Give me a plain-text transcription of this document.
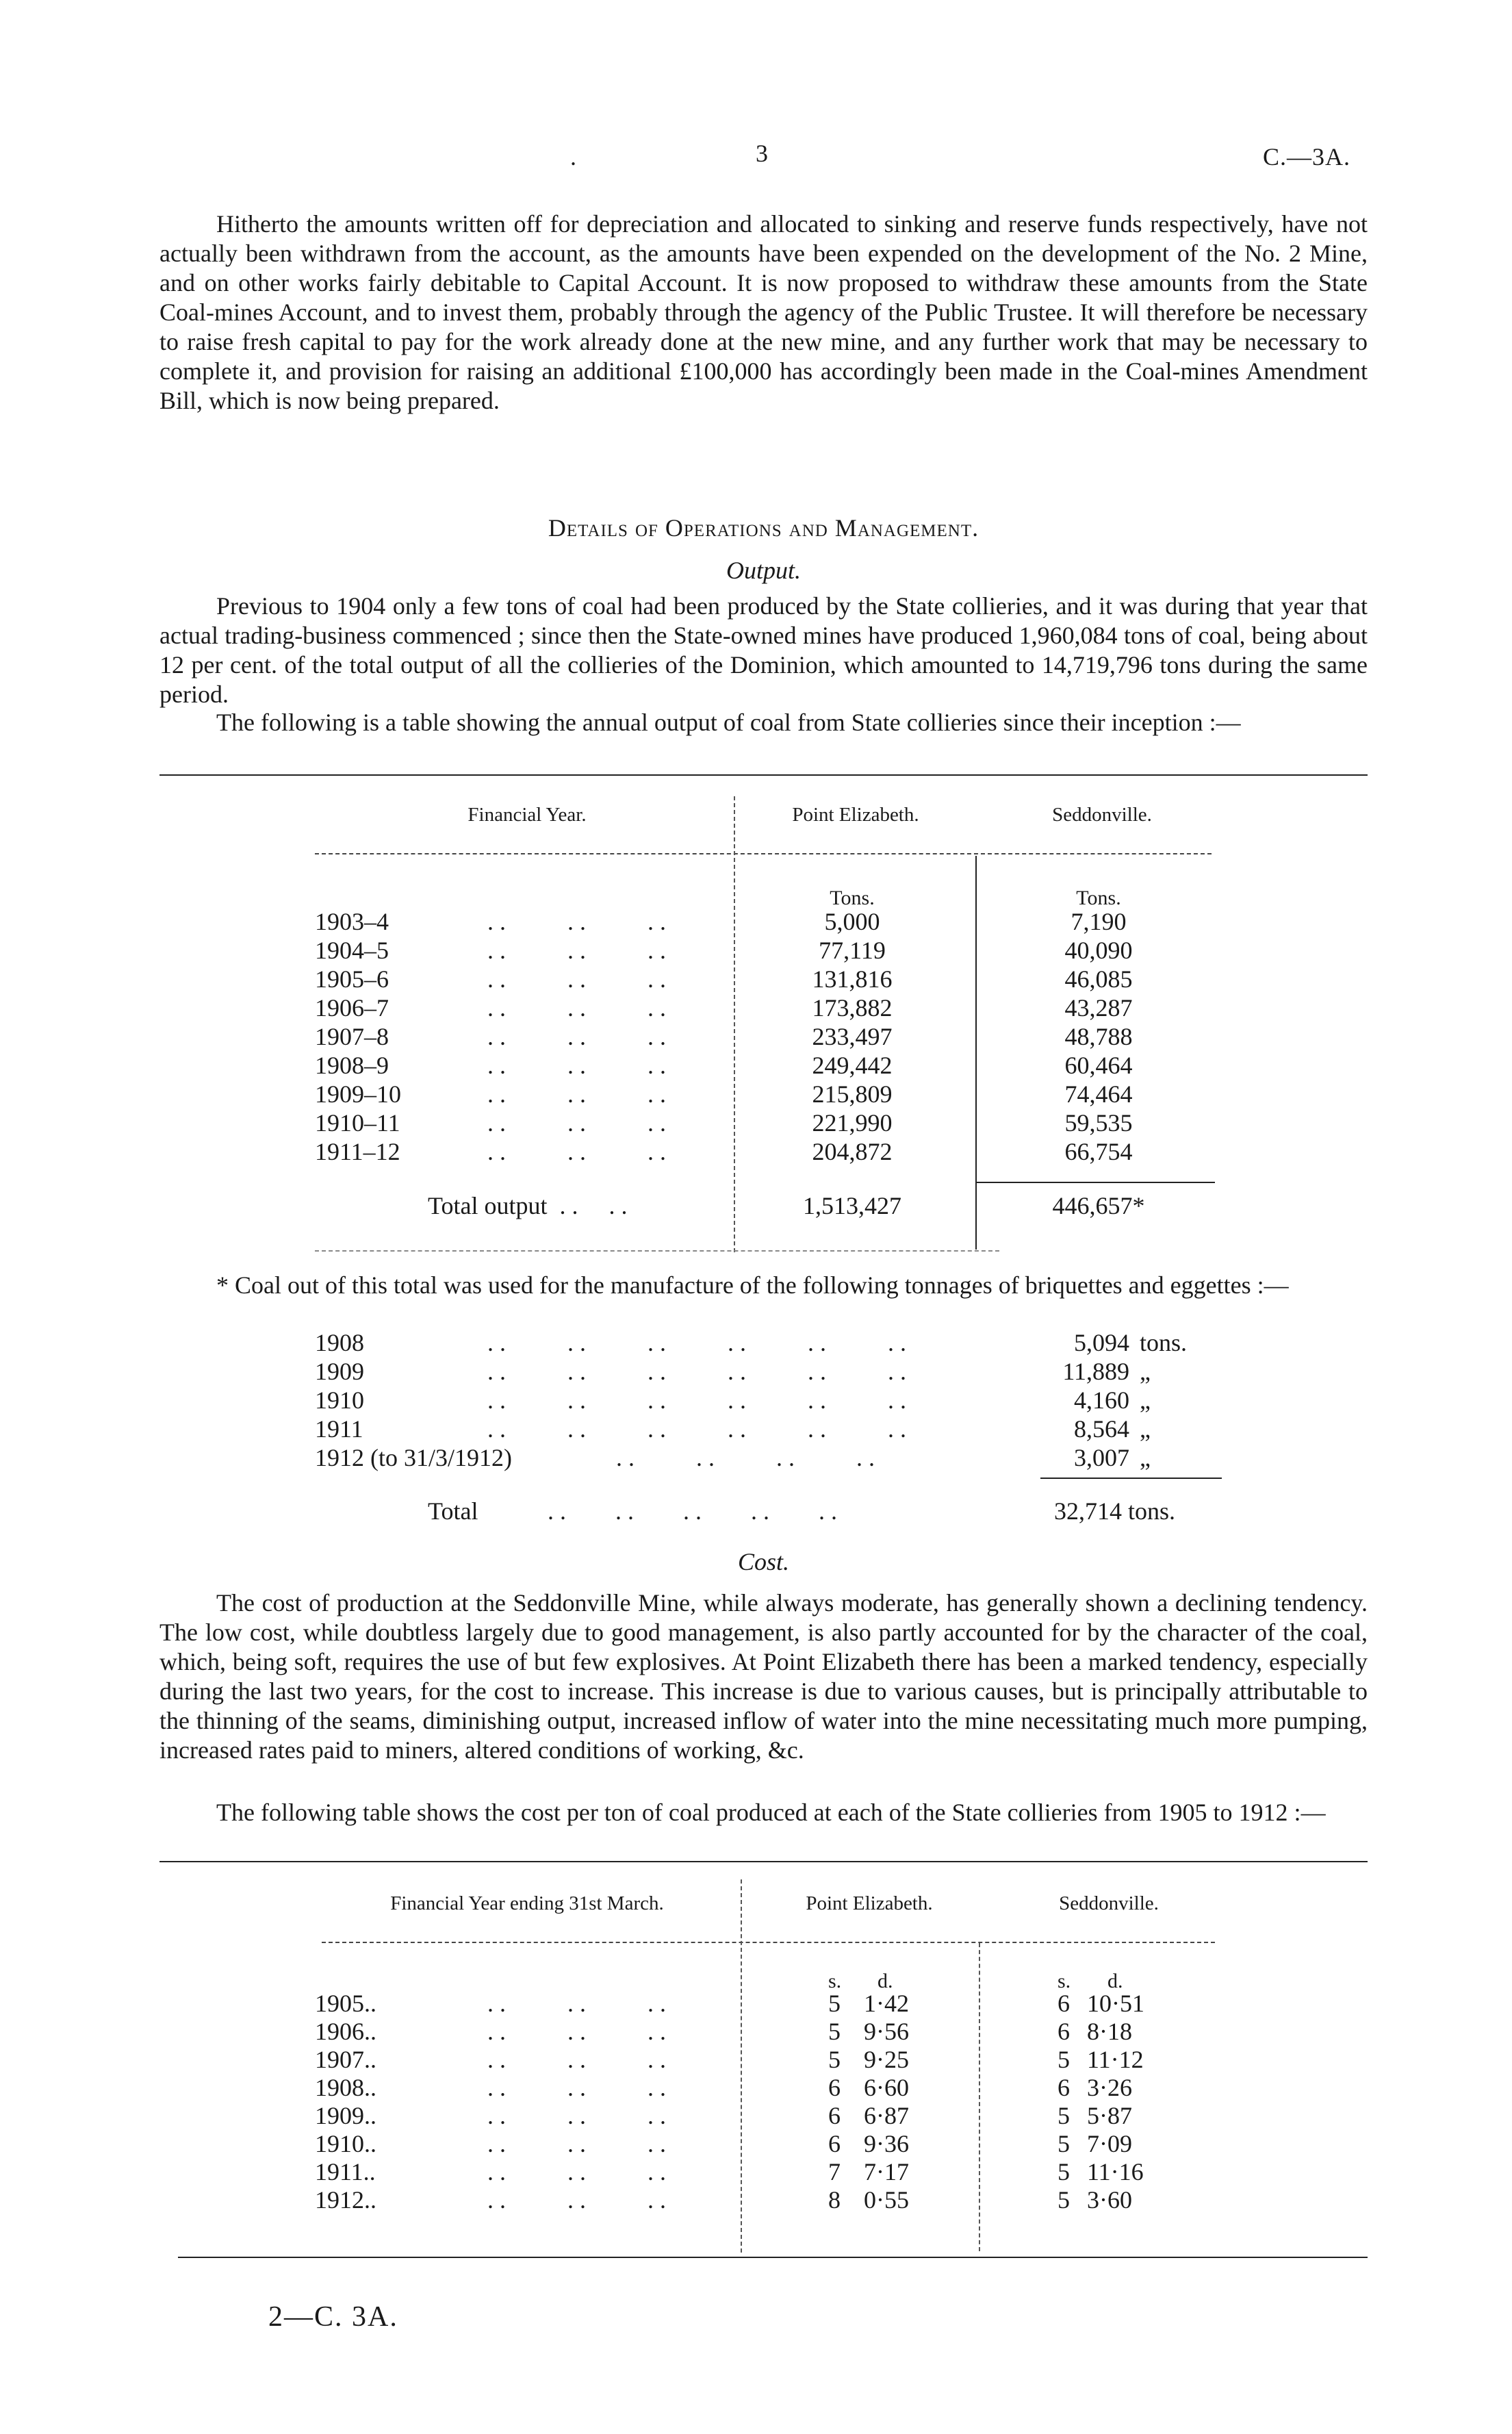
.	3	C.—3A.
Hitherto the amounts written off for depreciation and allocated to sinking and reserve funds respectively, have not actually been withdrawn from the account, as the amounts have been expended on the development of the No. 2 Mine, and on other works fairly debitable to Capital Account. It is now proposed to withdraw these amounts from the State Coal-mines Account, and to invest them, probably through the agency of the Public Trustee. It will therefore be necessary to raise fresh capital to pay for the work already done at the new mine, and any further work that may be necessary to complete it, and provision for raising an additional £100,000 has accordingly been made in the Coal-mines Amendment Bill, which is now being prepared.
Details of Operations and Management.
Output.
Previous to 1904 only a few tons of coal had been produced by the State collieries, and it was during that year that actual trading-business commenced ; since then the State-owned mines have produced 1,960,084 tons of coal, being about 12 per cent. of the total output of all the collieries of the Dominion, which amounted to 14,719,796 tons during the same period.
The following is a table showing the annual output of coal from State collieries since their inception :—
Financial Year.	Point Elizabeth.	Seddonville.
Tons.	Tons.
1903–4	. .          . .          . .	5,000	7,190
1904–5	. .          . .          . .	77,119	40,090
1905–6	. .          . .          . .	131,816	46,085
1906–7	. .          . .          . .	173,882	43,287
1907–8	. .          . .          . .	233,497	48,788
1908–9	. .          . .          . .	249,442	60,464
1909–10	. .          . .          . .	215,809	74,464
1910–11	. .          . .          . .	221,990	59,535
1911–12	. .          . .          . .	204,872	66,754
Total output  . .     . .	1,513,427	446,657*
* Coal out of this total was used for the manufacture of the following tonnages of briquettes and eggettes :—
1908	. .          . .          . .          . .          . .          . .	5,094 tons.
1909	. .          . .          . .          . .          . .          . .	11,889 „
1910	. .          . .          . .          . .          . .          . .	4,160 „
1911	. .          . .          . .          . .          . .          . .	8,564 „
1912 (to 31/3/1912)	. .          . .          . .          . .	3,007 „
Total	. .        . .        . .        . .        . .	32,714 tons.
Cost.
The cost of production at the Seddonville Mine, while always moderate, has generally shown a declining tendency. The low cost, while doubtless largely due to good management, is also partly accounted for by the character of the coal, which, being soft, requires the use of but few explosives. At Point Elizabeth there has been a marked tendency, especially during the last two years, for the cost to increase. This increase is due to various causes, but is principally attributable to the thinning of the seams, diminishing output, increased inflow of water into the mine necessitating much more pumping, increased rates paid to miners, altered conditions of working, &c.
The following table shows the cost per ton of coal produced at each of the State collieries from 1905 to 1912 :—
Financial Year ending 31st March.	Point Elizabeth.	Seddonville.
s. d.	s. d.
1905..	. .          . .          . .	5 1·42	6 10·51
1906..	. .          . .          . .	5 9·56	6 8·18
1907..	. .          . .          . .	5 9·25	5 11·12
1908..	. .          . .          . .	6 6·60	6 3·26
1909..	. .          . .          . .	6 6·87	5 5·87
1910..	. .          . .          . .	6 9·36	5 7·09
1911..	. .          . .          . .	7 7·17	5 11·16
1912..	. .          . .          . .	8 0·55	5 3·60
2—C. 3A.
